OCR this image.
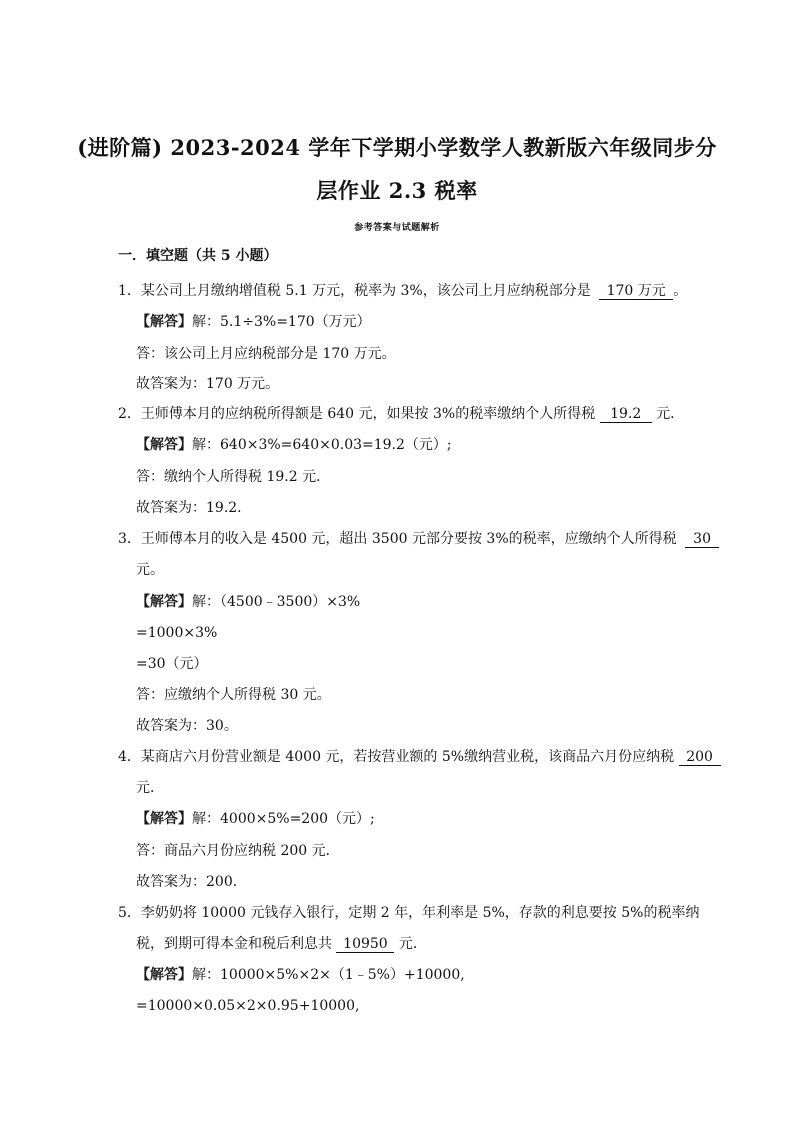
(进阶篇) 2023-2024 学年下学期小学数学人教新版六年级同步分
层作业 2.3 税率
参考答案与试题解析
一．填空题（共 5 小题）
1．某公司上月缴纳增值税 5.1 万元，税率为 3%，该公司上月应纳税部分是 170 万元 。
【解答】解：5.1÷3%=170（万元）
答：该公司上月应纳税部分是 170 万元。
故答案为：170 万元。
2．王师傅本月的应纳税所得额是 640 元，如果按 3%的税率缴纳个人所得税 19.2 元．
【解答】解：640×3%=640×0.03=19.2（元）;
答：缴纳个人所得税 19.2 元．
故答案为：19.2．
3．王师傅本月的收入是 4500 元，超出 3500 元部分要按 3%的税率，应缴纳个人所得税 30
元。
【解答】解：（4500﹣3500）×3%
=1000×3%
=30（元）
答：应缴纳个人所得税 30 元。
故答案为：30。
4．某商店六月份营业额是 4000 元，若按营业额的 5%缴纳营业税，该商品六月份应纳税 200
元．
【解答】解：4000×5%=200（元）;
答：商品六月份应纳税 200 元．
故答案为：200．
5．李奶奶将 10000 元钱存入银行，定期 2 年，年利率是 5%，存款的利息要按 5%的税率纳
税，到期可得本金和税后利息共 10950 元．
【解答】解：10000×5%×2×（1﹣5%）+10000,
=10000×0.05×2×0.95+10000,
